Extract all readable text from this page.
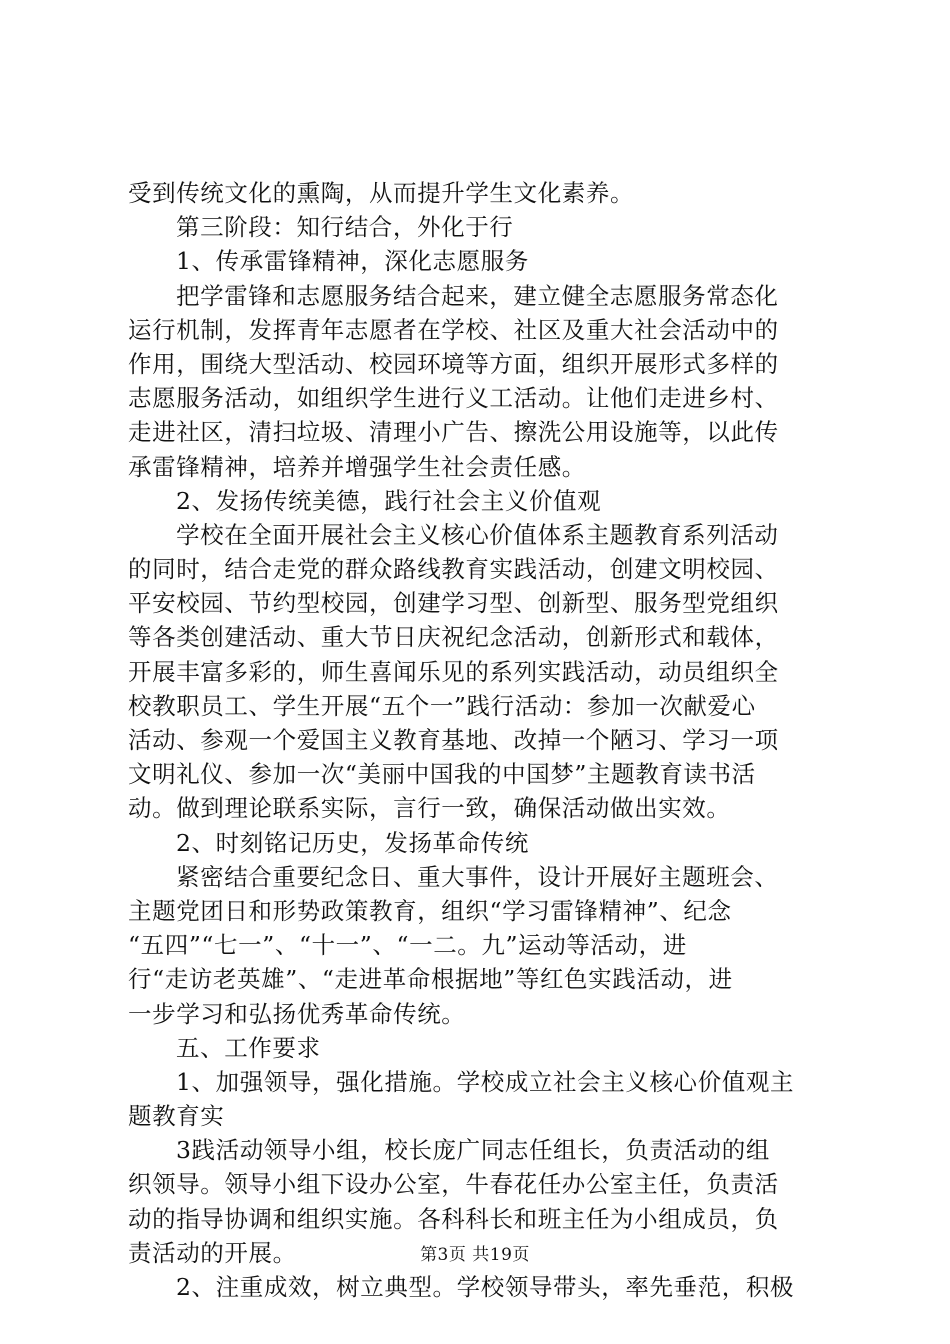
受到传统文化的熏陶，从而提升学生文化素养。
第三阶段：知行结合，外化于行
1、传承雷锋精神，深化志愿服务
把学雷锋和志愿服务结合起来，建立健全志愿服务常态化
运行机制，发挥青年志愿者在学校、社区及重大社会活动中的
作用，围绕大型活动、校园环境等方面，组织开展形式多样的
志愿服务活动，如组织学生进行义工活动。让他们走进乡村、
走进社区，清扫垃圾、清理小广告、擦洗公用设施等，以此传
承雷锋精神，培养并增强学生社会责任感。
2、发扬传统美德，践行社会主义价值观
学校在全面开展社会主义核心价值体系主题教育系列活动
的同时，结合走党的群众路线教育实践活动，创建文明校园、
平安校园、节约型校园，创建学习型、创新型、服务型党组织
等各类创建活动、重大节日庆祝纪念活动，创新形式和载体，
开展丰富多彩的，师生喜闻乐见的系列实践活动，动员组织全
校教职员工、学生开展“五个一”践行活动：参加一次献爱心
活动、参观一个爱国主义教育基地、改掉一个陋习、学习一项
文明礼仪、参加一次“美丽中国我的中国梦”主题教育读书活
动。做到理论联系实际，言行一致，确保活动做出实效。
2、时刻铭记历史，发扬革命传统
紧密结合重要纪念日、重大事件，设计开展好主题班会、
主题党团日和形势政策教育，组织“学习雷锋精神”、纪念
“五四”“七一”、“十一”、“一二。九”运动等活动，进
行“走访老英雄”、“走进革命根据地”等红色实践活动，进
一步学习和弘扬优秀革命传统。
五、工作要求
1、加强领导，强化措施。学校成立社会主义核心价值观主
题教育实
3践活动领导小组，校长庞广同志任组长，负责活动的组
织领导。领导小组下设办公室，牛春花任办公室主任，负责活
动的指导协调和组织实施。各科科长和班主任为小组成员，负
责活动的开展。
2、注重成效，树立典型。学校领导带头，率先垂范，积极
第3页 共19页
